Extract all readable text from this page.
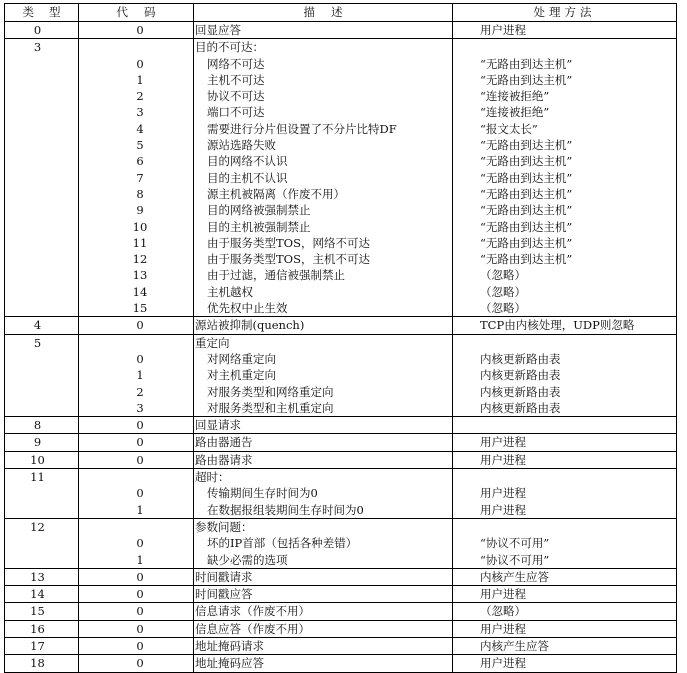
类型	代码	描述	处理方法
0	0	回显应答	用户进程
3		目的不可达：	
	0	网络不可达	“无路由到达主机”
	1	主机不可达	“无路由到达主机”
	2	协议不可达	“连接被拒绝”
	3	端口不可达	“连接被拒绝”
	4	需要进行分片但设置了不分片比特DF	“报文太长”
	5	源站选路失败	“无路由到达主机”
	6	目的网络不认识	“无路由到达主机”
	7	目的主机不认识	“无路由到达主机”
	8	源主机被隔离（作废不用）	“无路由到达主机”
	9	目的网络被强制禁止	“无路由到达主机”
	10	目的主机被强制禁止	“无路由到达主机”
	11	由于服务类型TOS，网络不可达	“无路由到达主机”
	12	由于服务类型TOS，主机不可达	“无路由到达主机”
	13	由于过滤，通信被强制禁止	（忽略）
	14	主机越权	（忽略）
	15	优先权中止生效	（忽略）
4	0	源站被抑制(quench)	TCP由内核处理，UDP则忽略
5		重定向	
	0	对网络重定向	内核更新路由表
	1	对主机重定向	内核更新路由表
	2	对服务类型和网络重定向	内核更新路由表
	3	对服务类型和主机重定向	内核更新路由表
8	0	回显请求	
9	0	路由器通告	用户进程
10	0	路由器请求	用户进程
11		超时：	
	0	传输期间生存时间为0	用户进程
	1	在数据报组装期间生存时间为0	用户进程
12		参数问题：	
	0	坏的IP首部（包括各种差错）	“协议不可用”
	1	缺少必需的选项	“协议不可用”
13	0	时间戳请求	内核产生应答
14	0	时间戳应答	用户进程
15	0	信息请求（作废不用）	（忽略）
16	0	信息应答（作废不用）	用户进程
17	0	地址掩码请求	内核产生应答
18	0	地址掩码应答	用户进程
